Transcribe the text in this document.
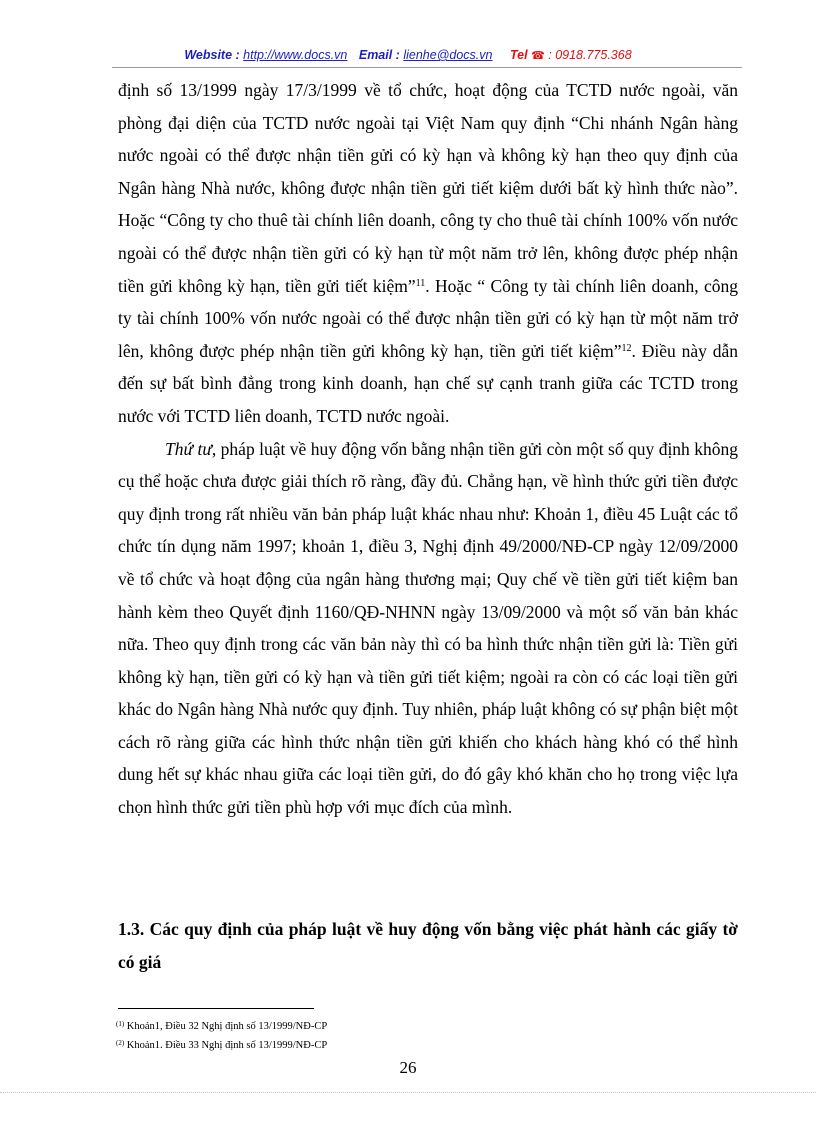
Website : http://www.docs.vn Email : lienhe@docs.vn Tel ☎ : 0918.775.368

định số 13/1999 ngày 17/3/1999 về tổ chức, hoạt động của TCTD nước ngoài, văn phòng đại diện của TCTD nước ngoài tại Việt Nam quy định “Chi nhánh Ngân hàng nước ngoài có thể được nhận tiền gửi có kỳ hạn và không kỳ hạn theo quy định của Ngân hàng Nhà nước, không được nhận tiền gửi tiết kiệm dưới bất kỳ hình thức nào”. Hoặc “Công ty cho thuê tài chính liên doanh, công ty cho thuê tài chính 100% vốn nước ngoài có thể được nhận tiền gửi có kỳ hạn từ một năm trở lên, không được phép nhận tiền gửi không kỳ hạn, tiền gửi tiết kiệm”$^{11}$. Hoặc “ Công ty tài chính liên doanh, công ty tài chính 100% vốn nước ngoài có thể được nhận tiền gửi có kỳ hạn từ một năm trở lên, không được phép nhận tiền gửi không kỳ hạn, tiền gửi tiết kiệm”$^{12}$. Điều này dẫn đến sự bất bình đẳng trong kinh doanh, hạn chế sự cạnh tranh giữa các TCTD trong nước với TCTD liên doanh, TCTD nước ngoài.

Thứ tư, pháp luật về huy động vốn bằng nhận tiền gửi còn một số quy định không cụ thể hoặc chưa được giải thích rõ ràng, đầy đủ. Chẳng hạn, về hình thức gửi tiền được quy định trong rất nhiều văn bản pháp luật khác nhau như: Khoản 1, điều 45 Luật các tổ chức tín dụng năm 1997; khoản 1, điều 3, Nghị định 49/2000/NĐ-CP ngày 12/09/2000 về tổ chức và hoạt động của ngân hàng thương mại; Quy chế về tiền gửi tiết kiệm ban hành kèm theo Quyết định 1160/QĐ-NHNN ngày 13/09/2000 và một số văn bản khác nữa. Theo quy định trong các văn bản này thì có ba hình thức nhận tiền gửi là: Tiền gửi không kỳ hạn, tiền gửi có kỳ hạn và tiền gửi tiết kiệm; ngoài ra còn có các loại tiền gửi khác do Ngân hàng Nhà nước quy định. Tuy nhiên, pháp luật không có sự phận biệt một cách rõ ràng giữa các hình thức nhận tiền gửi khiến cho khách hàng khó có thể hình dung hết sự khác nhau giữa các loại tiền gửi, do đó gây khó khăn cho họ trong việc lựa chọn hình thức gửi tiền phù hợp với mục đích của mình.

1.3. Các quy định của pháp luật về huy động vốn bằng việc phát hành các giấy tờ có giá
$^{(1)}$ Khoản1, Điều 32 Nghị định số 13/1999/NĐ-CP
$^{(2)}$ Khoản1. Điều 33 Nghị định số 13/1999/NĐ-CP
26
